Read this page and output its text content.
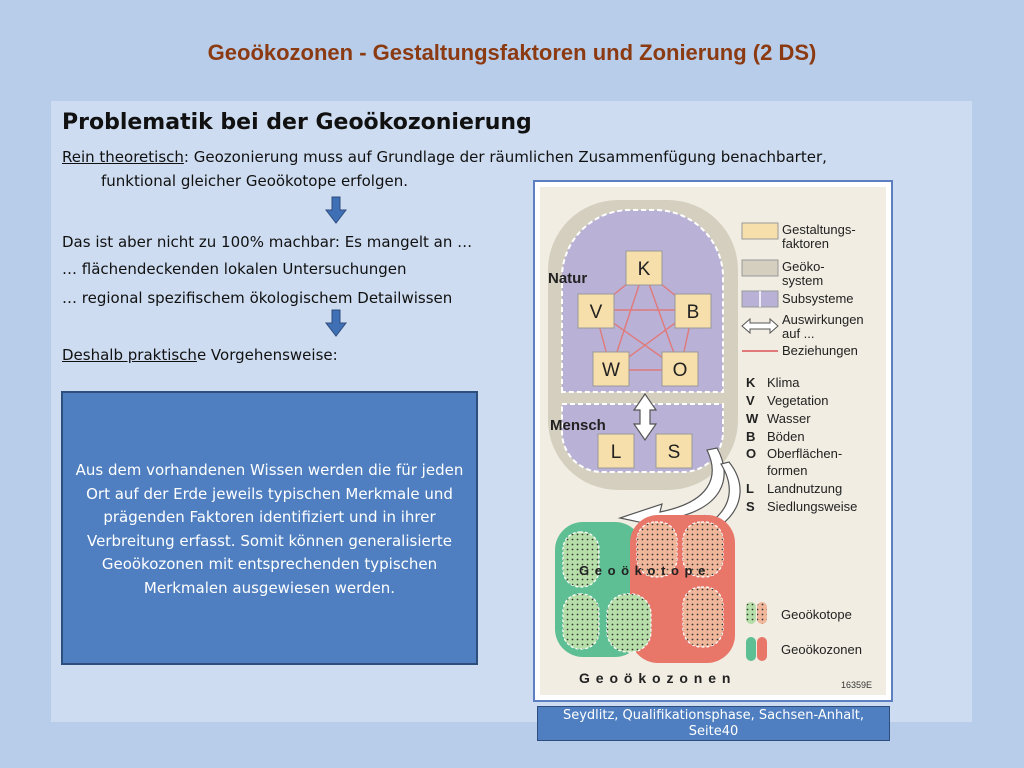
Geoökozonen - Gestaltungsfaktoren und Zonierung (2 DS)
Problematik bei der Geoökozonierung
Rein theoretisch: Geozonierung muss auf Grundlage der räumlichen Zusammenfügung benachbarter,
funktional gleicher Geoökotope erfolgen.
Das ist aber nicht zu 100% machbar: Es mangelt an …
… flächendeckenden lokalen Untersuchungen
… regional spezifischem ökologischem Detailwissen
Deshalb praktische Vorgehensweise:
Aus dem vorhandenen Wissen werden die für jeden Ort auf der Erde jeweils typischen Merkmale und prägenden Faktoren identifiziert und in ihrer Verbreitung erfasst. Somit können generalisierte Geoökozonen mit entsprechenden typischen Merkmalen ausgewiesen werden.
Natur
Mensch
K
V	B
W	O
L S
G e o ö k o t o p e
G e o ö k o z o n e n	16359E
Gestaltungs-
faktoren
Geöko-
system
Subsysteme
Auswirkungen
auf ...
Beziehungen
K Klima
V Vegetation
W Wasser
B Böden
O Oberflächen-
formen
L Landnutzung
S Siedlungsweise
Geoökotope
Geoökozonen
Seydlitz, Qualifikationsphase, Sachsen-Anhalt,
Seite40
